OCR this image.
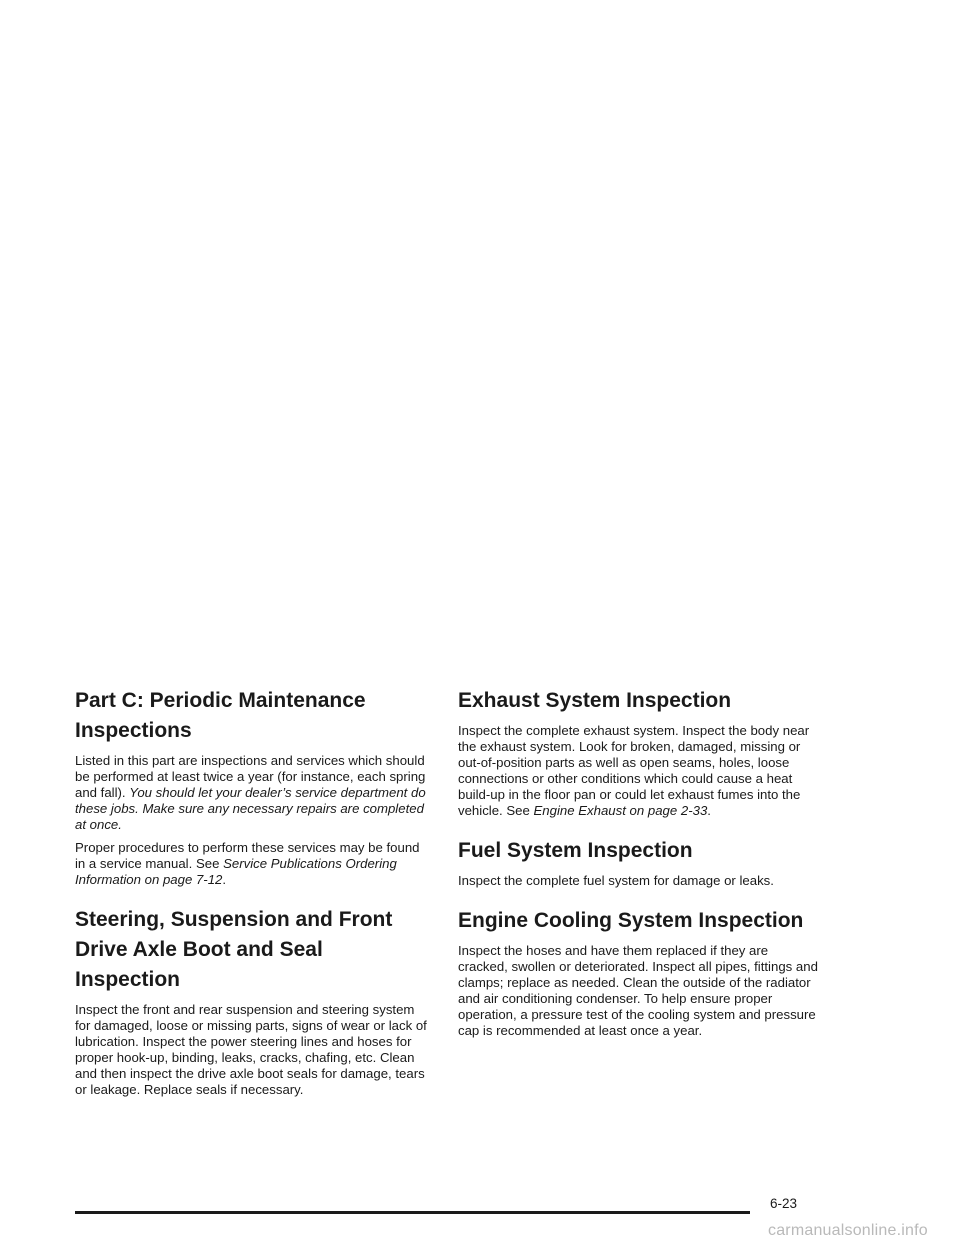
Part C: Periodic Maintenance Inspections

Listed in this part are inspections and services which should be performed at least twice a year (for instance, each spring and fall). You should let your dealer’s service department do these jobs. Make sure any necessary repairs are completed at once.

Proper procedures to perform these services may be found in a service manual. See Service Publications Ordering Information on page 7-12.

Steering, Suspension and Front Drive Axle Boot and Seal Inspection

Inspect the front and rear suspension and steering system for damaged, loose or missing parts, signs of wear or lack of lubrication. Inspect the power steering lines and hoses for proper hook-up, binding, leaks, cracks, chafing, etc. Clean and then inspect the drive axle boot seals for damage, tears or leakage. Replace seals if necessary.

Exhaust System Inspection

Inspect the complete exhaust system. Inspect the body near the exhaust system. Look for broken, damaged, missing or out-of-position parts as well as open seams, holes, loose connections or other conditions which could cause a heat build-up in the floor pan or could let exhaust fumes into the vehicle. See Engine Exhaust on page 2-33.

Fuel System Inspection

Inspect the complete fuel system for damage or leaks.

Engine Cooling System Inspection

Inspect the hoses and have them replaced if they are cracked, swollen or deteriorated. Inspect all pipes, fittings and clamps; replace as needed. Clean the outside of the radiator and air conditioning condenser. To help ensure proper operation, a pressure test of the cooling system and pressure cap is recommended at least once a year.

6-23
carmanualsonline.info
